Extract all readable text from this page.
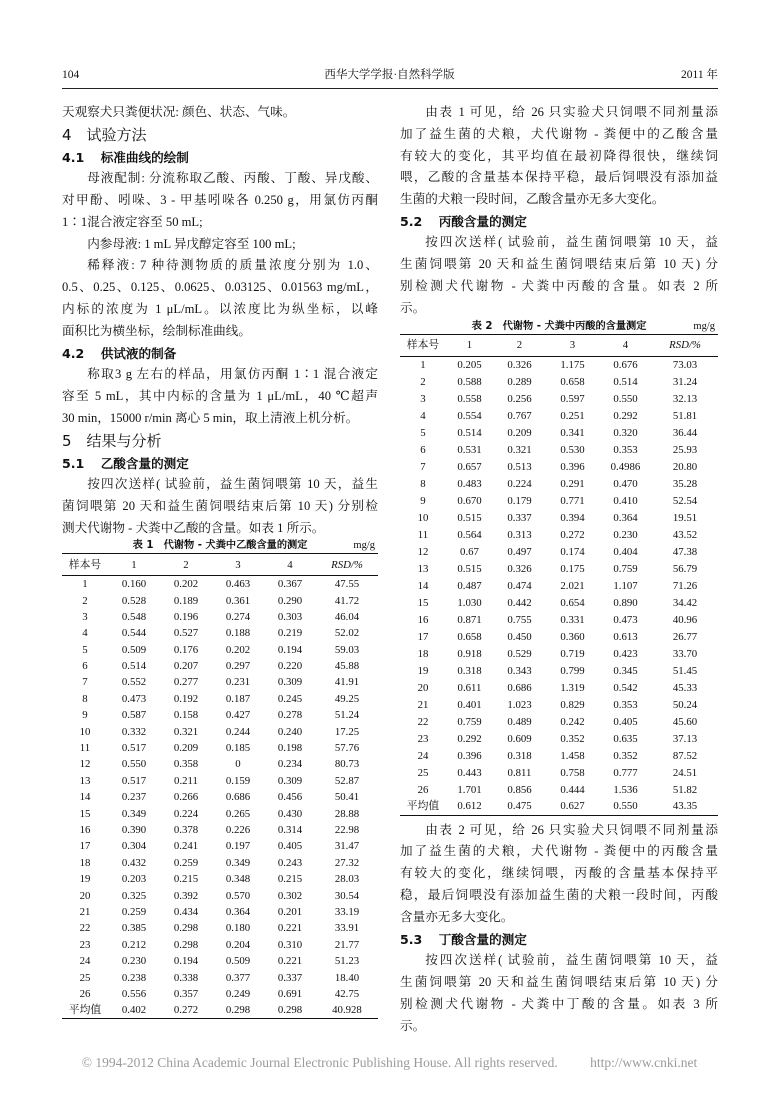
104	西华大学学报·自然科学版	2011 年
天观察犬只粪便状况: 颜色、状态、气味。
4 试验方法
4.1 标准曲线的绘制
母液配制: 分流称取乙酸、丙酸、丁酸、异戊酸、
对甲酚、吲哚、3 - 甲基吲哚各 0.250 g，用氯仿丙酮
1∶1混合液定容至 50 mL;
内参母液: 1 mL 异戊醇定容至 100 mL;
稀释液: 7 种待测物质的质量浓度分别为 1.0、
0.5、0.25、0.125、0.0625、0.03125、0.01563 mg/mL，
内标的浓度为 1 μL/mL。以浓度比为纵坐标，以峰
面积比为横坐标，绘制标准曲线。
4.2 供试液的制备
称取3 g 左右的样品，用氯仿丙酮 1∶1 混合液定
容至 5 mL，其中内标的含量为 1 μL/mL，40 ℃超声
30 min，15000 r/min 离心 5 min，取上清液上机分析。
5 结果与分析
5.1 乙酸含量的测定
按四次送样( 试验前，益生菌饲喂第 10 天，益生
菌饲喂第 20 天和益生菌饲喂结束后第 10 天) 分别检
测犬代谢物 - 犬粪中乙酸的含量。如表 1 所示。
表 1　代谢物 - 犬粪中乙酸含量的测定	mg/g
样本号	1	2	3	4	RSD/%
1	0.160	0.202	0.463	0.367	47.55
2	0.528	0.189	0.361	0.290	41.72
3	0.548	0.196	0.274	0.303	46.04
4	0.544	0.527	0.188	0.219	52.02
5	0.509	0.176	0.202	0.194	59.03
6	0.514	0.207	0.297	0.220	45.88
7	0.552	0.277	0.231	0.309	41.91
8	0.473	0.192	0.187	0.245	49.25
9	0.587	0.158	0.427	0.278	51.24
10	0.332	0.321	0.244	0.240	17.25
11	0.517	0.209	0.185	0.198	57.76
12	0.550	0.358	0	0.234	80.73
13	0.517	0.211	0.159	0.309	52.87
14	0.237	0.266	0.686	0.456	50.41
15	0.349	0.224	0.265	0.430	28.88
16	0.390	0.378	0.226	0.314	22.98
17	0.304	0.241	0.197	0.405	31.47
18	0.432	0.259	0.349	0.243	27.32
19	0.203	0.215	0.348	0.215	28.03
20	0.325	0.392	0.570	0.302	30.54
21	0.259	0.434	0.364	0.201	33.19
22	0.385	0.298	0.180	0.221	33.91
23	0.212	0.298	0.204	0.310	21.77
24	0.230	0.194	0.509	0.221	51.23
25	0.238	0.338	0.377	0.337	18.40
26	0.556	0.357	0.249	0.691	42.75
平均值	0.402	0.272	0.298	0.298	40.928
由表 1 可见，给 26 只实验犬只饲喂不同剂量添
加了益生菌的犬粮，犬代谢物 - 粪便中的乙酸含量
有较大的变化，其平均值在最初降得很快，继续饲
喂，乙酸的含量基本保持平稳，最后饲喂没有添加益
生菌的犬粮一段时间，乙酸含量亦无多大变化。
5.2 丙酸含量的测定
按四次送样( 试验前，益生菌饲喂第 10 天，益
生菌饲喂第 20 天和益生菌饲喂结束后第 10 天) 分
别检测犬代谢物 - 犬粪中丙酸的含量。如表 2 所
示。
表 2　代谢物 - 犬粪中丙酸的含量测定	mg/g
样本号	1	2	3	4	RSD/%
1	0.205	0.326	1.175	0.676	73.03
2	0.588	0.289	0.658	0.514	31.24
3	0.558	0.256	0.597	0.550	32.13
4	0.554	0.767	0.251	0.292	51.81
5	0.514	0.209	0.341	0.320	36.44
6	0.531	0.321	0.530	0.353	25.93
7	0.657	0.513	0.396	0.4986	20.80
8	0.483	0.224	0.291	0.470	35.28
9	0.670	0.179	0.771	0.410	52.54
10	0.515	0.337	0.394	0.364	19.51
11	0.564	0.313	0.272	0.230	43.52
12	0.67	0.497	0.174	0.404	47.38
13	0.515	0.326	0.175	0.759	56.79
14	0.487	0.474	2.021	1.107	71.26
15	1.030	0.442	0.654	0.890	34.42
16	0.871	0.755	0.331	0.473	40.96
17	0.658	0.450	0.360	0.613	26.77
18	0.918	0.529	0.719	0.423	33.70
19	0.318	0.343	0.799	0.345	51.45
20	0.611	0.686	1.319	0.542	45.33
21	0.401	1.023	0.829	0.353	50.24
22	0.759	0.489	0.242	0.405	45.60
23	0.292	0.609	0.352	0.635	37.13
24	0.396	0.318	1.458	0.352	87.52
25	0.443	0.811	0.758	0.777	24.51
26	1.701	0.856	0.444	1.536	51.82
平均值	0.612	0.475	0.627	0.550	43.35
由表 2 可见，给 26 只实验犬只饲喂不同剂量添
加了益生菌的犬粮，犬代谢物 - 粪便中的丙酸含量
有较大的变化，继续饲喂，丙酸的含量基本保持平
稳，最后饲喂没有添加益生菌的犬粮一段时间，丙酸
含量亦无多大变化。
5.3 丁酸含量的测定
按四次送样( 试验前，益生菌饲喂第 10 天，益
生菌饲喂第 20 天和益生菌饲喂结束后第 10 天) 分
别检测犬代谢物 - 犬粪中丁酸的含量。如表 3 所
示。
© 1994-2012 China Academic Journal Electronic Publishing House. All rights reserved. http://www.cnki.net
